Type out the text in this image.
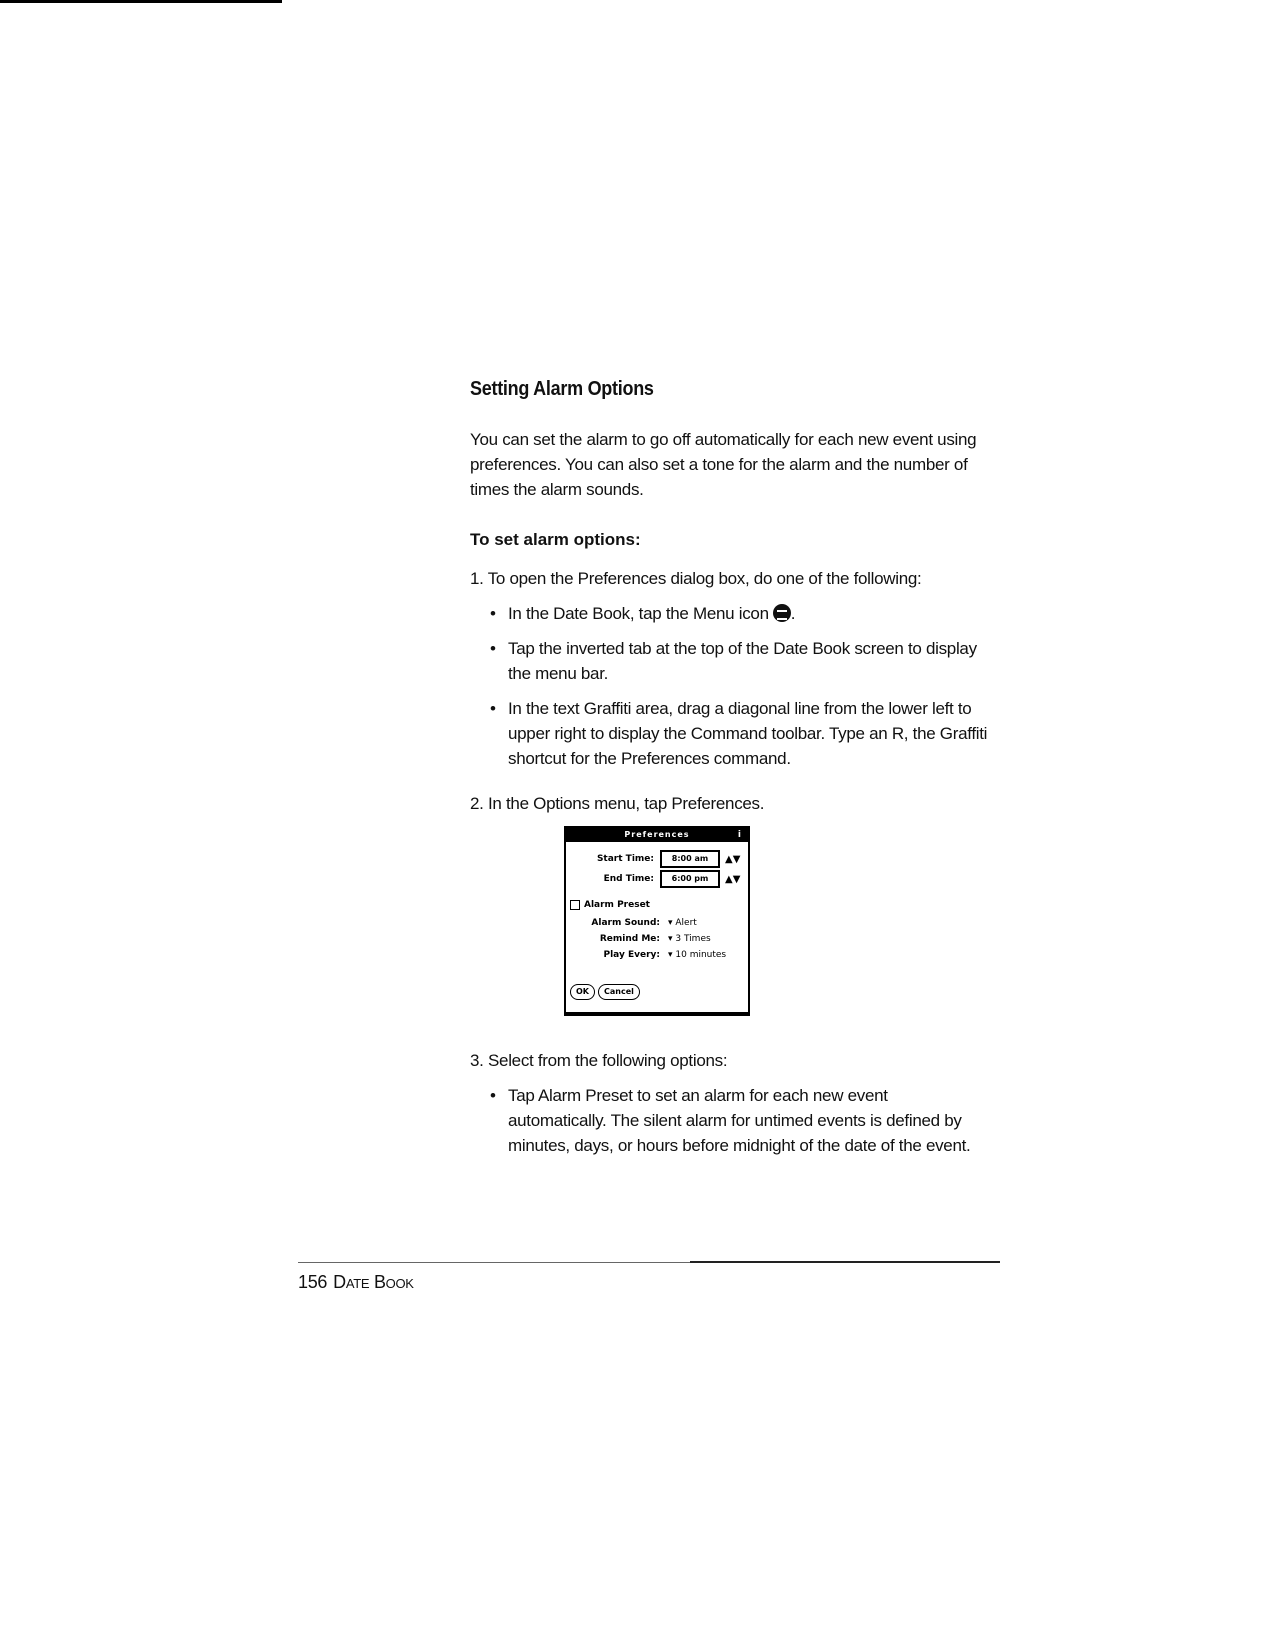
Setting Alarm Options

You can set the alarm to go off automatically for each new event using preferences. You can also set a tone for the alarm and the number of times the alarm sounds.

To set alarm options:
1. To open the Preferences dialog box, do one of the following:
• In the Date Book, tap the Menu icon .
• Tap the inverted tab at the top of the Date Book screen to display the menu bar.
• In the text Graffiti area, drag a diagonal line from the lower left to upper right to display the Command toolbar. Type an R, the Graffiti shortcut for the Preferences command.
2. In the Options menu, tap Preferences.
Preferences	i
Start Time:	8:00 am	▲▼
End Time:	6:00 pm	▲▼
Alarm Preset
Alarm Sound: ▾ Alert
Remind Me: ▾ 3 Times
Play Every: ▾ 10 minutes
OK	Cancel
3. Select from the following options:
• Tap Alarm Preset to set an alarm for each new event automatically. The silent alarm for untimed events is defined by minutes, days, or hours before midnight of the date of the event.
156 Date Book
